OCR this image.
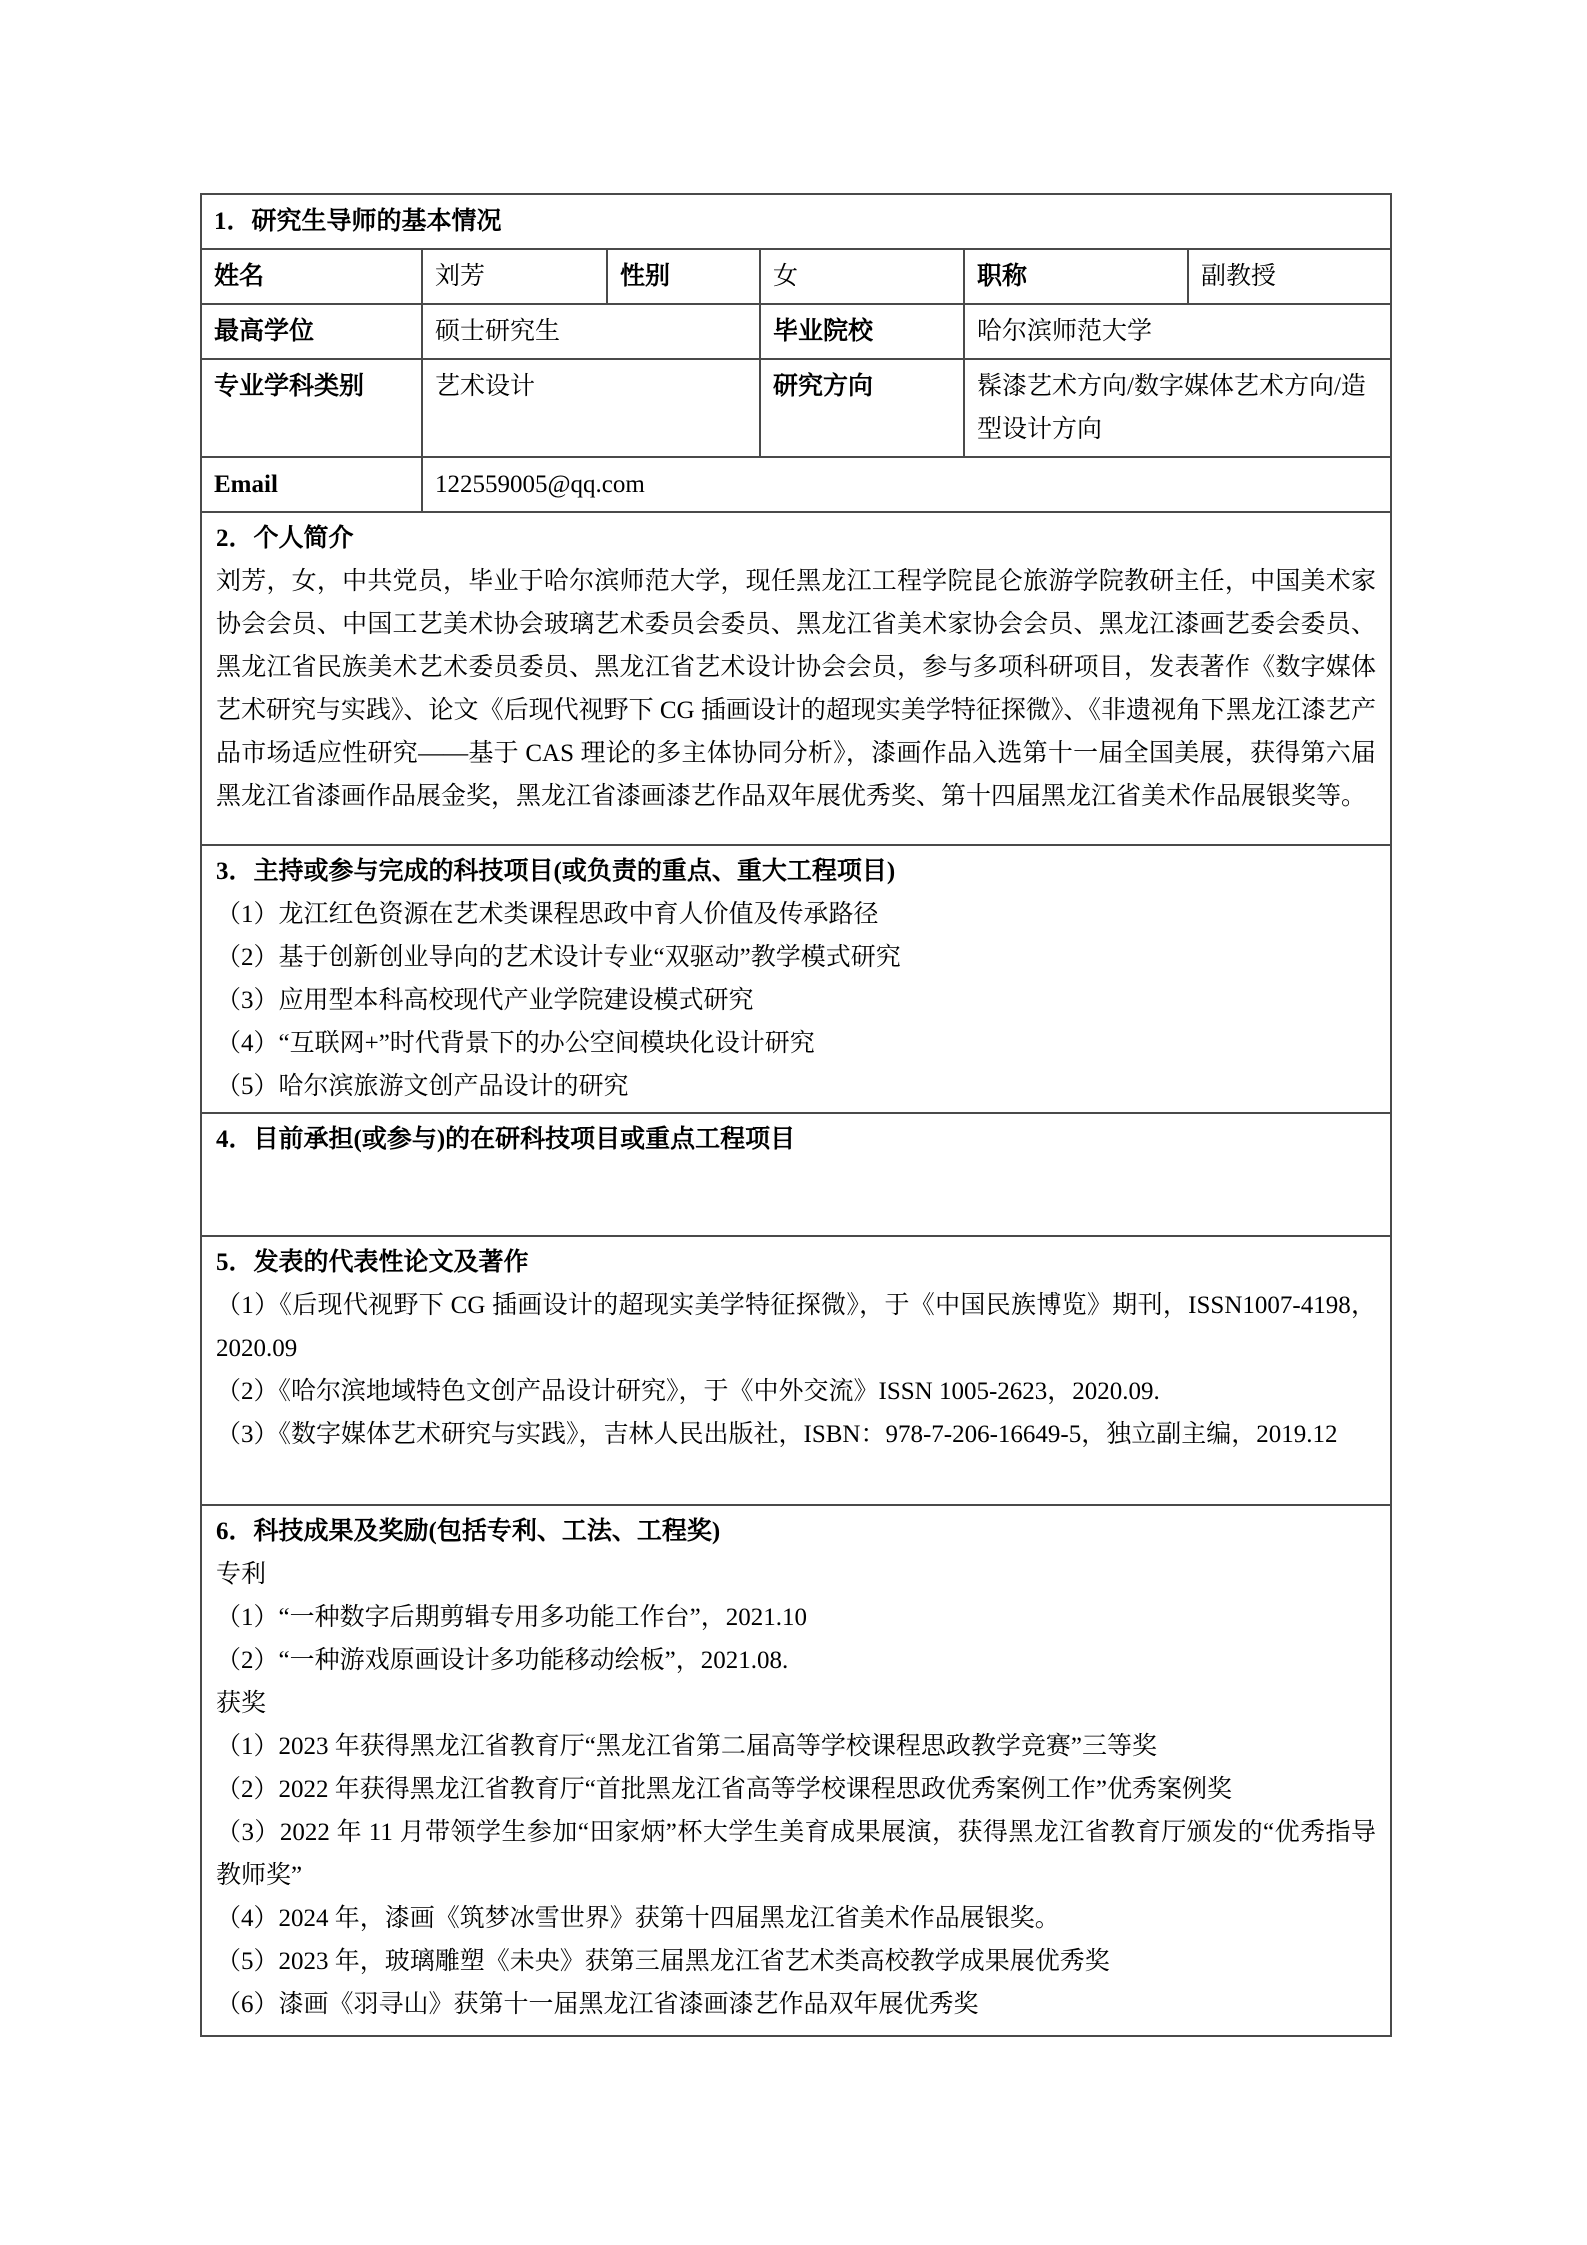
1．研究生导师的基本情况					
姓名	刘芳	性别	女	职称	副教授
最高学位	硕士研究生		毕业院校	哈尔滨师范大学	
专业学科类别	艺术设计		研究方向	髹漆艺术方向/数字媒体艺术方向/造型设计方向	
Email	122559005@qq.com				

2．个人简介

刘芳，女，中共党员，毕业于哈尔滨师范大学，现任黑龙江工程学院昆仑旅游学院教研主任，中国美术家协会会员、中国工艺美术协会玻璃艺术委员会委员、黑龙江省美术家协会会员、黑龙江漆画艺委会委员、黑龙江省民族美术艺术委员委员、黑龙江省艺术设计协会会员，参与多项科研项目，发表著作《数字媒体艺术研究与实践》、论文《后现代视野下 CG 插画设计的超现实美学特征探微》、《非遗视角下黑龙江漆艺产品市场适应性研究——基于 CAS 理论的多主体协同分析》，漆画作品入选第十一届全国美展，获得第六届黑龙江省漆画作品展金奖，黑龙江省漆画漆艺作品双年展优秀奖、第十四届黑龙江省美术作品展银奖等。					

3．主持或参与完成的科技项目(或负责的重点、重大工程项目)

（1）龙江红色资源在艺术类课程思政中育人价值及传承路径

（2）基于创新创业导向的艺术设计专业“双驱动”教学模式研究

（3）应用型本科高校现代产业学院建设模式研究

（4）“互联网+”时代背景下的办公空间模块化设计研究

（5）哈尔滨旅游文创产品设计的研究

4．目前承担(或参与)的在研科技项目或重点工程项目					

5．发表的代表性论文及著作

（1）《后现代视野下 CG 插画设计的超现实美学特征探微》，于《中国民族博览》期刊，ISSN1007-4198，2020.09

（2）《哈尔滨地域特色文创产品设计研究》，于《中外交流》ISSN 1005-2623，2020.09.

（3）《数字媒体艺术研究与实践》，吉林人民出版社，ISBN：978-7-206-16649-5，独立副主编，2019.12					

6．科技成果及奖励(包括专利、工法、工程奖)

专利

（1）“一种数字后期剪辑专用多功能工作台”，2021.10

（2）“一种游戏原画设计多功能移动绘板”，2021.08.

获奖

（1）2023 年获得黑龙江省教育厅“黑龙江省第二届高等学校课程思政教学竞赛”三等奖

（2）2022 年获得黑龙江省教育厅“首批黑龙江省高等学校课程思政优秀案例工作”优秀案例奖

（3）2022 年 11 月带领学生参加“田家炳”杯大学生美育成果展演，获得黑龙江省教育厅颁发的“优秀指导教师奖”

（4）2024 年，漆画《筑梦冰雪世界》获第十四届黑龙江省美术作品展银奖。

（5）2023 年，玻璃雕塑《未央》获第三届黑龙江省艺术类高校教学成果展优秀奖

（6）漆画《羽寻山》获第十一届黑龙江省漆画漆艺作品双年展优秀奖
